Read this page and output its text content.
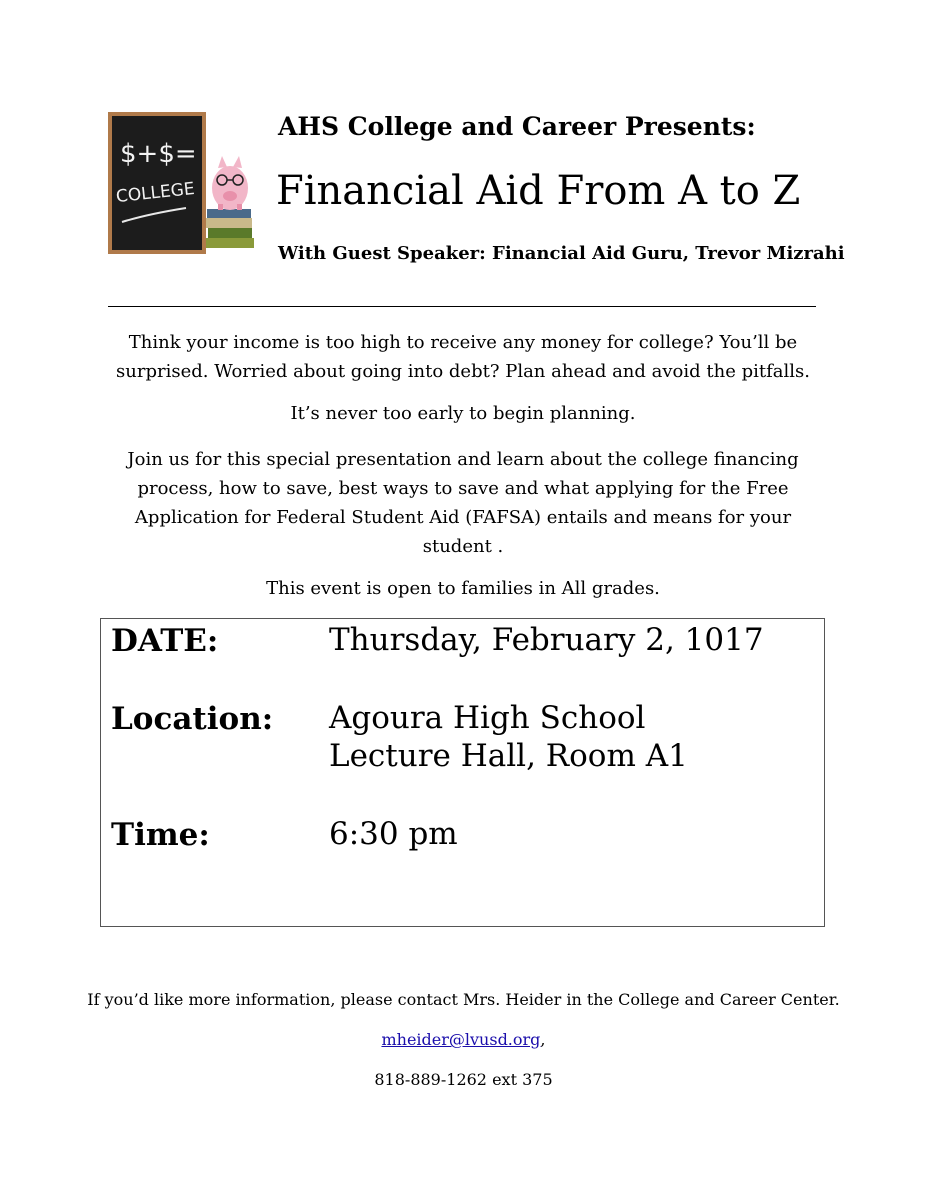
$+$=
COLLEGE
AHS College and Career Presents:
Financial Aid From A to Z
With Guest Speaker: Financial Aid Guru, Trevor Mizrahi
Think your income is too high to receive any money for college? You’ll be surprised. Worried about going into debt? Plan ahead and avoid the pitfalls.
It’s never too early to begin planning.
Join us for this special presentation and learn about the college financing process, how to save, best ways to save and what applying for the Free Application for Federal Student Aid (FAFSA) entails and means for your student .
This event is open to families in All grades.
DATE:	Thursday, February 2, 1017
Location: Agoura High School
Lecture Hall, Room A1
Time:	6:30 pm
If you’d like more information, please contact Mrs. Heider in the College and Career Center.
mheider@lvusd.org,
818-889-1262 ext 375
